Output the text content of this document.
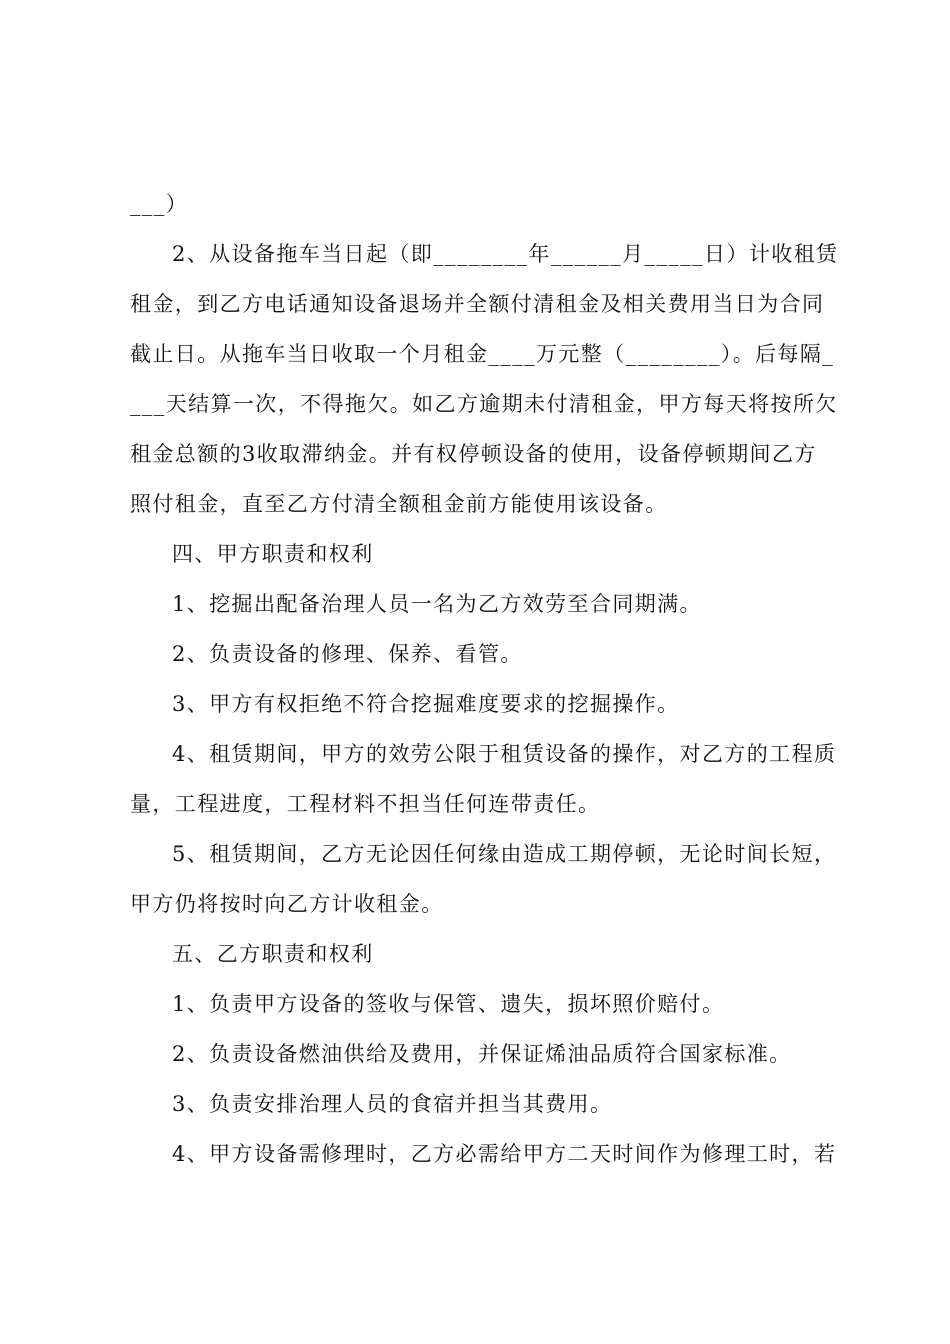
___）
2、从设备拖车当日起（即________年______月_____日）计收租赁
租金，到乙方电话通知设备退场并全额付清租金及相关费用当日为合同
截止日。从拖车当日收取一个月租金____万元整（________）。后每隔_
___天结算一次，不得拖欠。如乙方逾期未付清租金，甲方每天将按所欠
租金总额的3收取滞纳金。并有权停顿设备的使用，设备停顿期间乙方
照付租金，直至乙方付清全额租金前方能使用该设备。
四、甲方职责和权利
1、挖掘出配备治理人员一名为乙方效劳至合同期满。
2、负责设备的修理、保养、看管。
3、甲方有权拒绝不符合挖掘难度要求的挖掘操作。
4、租赁期间，甲方的效劳公限于租赁设备的操作，对乙方的工程质
量，工程进度，工程材料不担当任何连带责任。
5、租赁期间，乙方无论因任何缘由造成工期停顿，无论时间长短，
甲方仍将按时向乙方计收租金。
五、乙方职责和权利
1、负责甲方设备的签收与保管、遗失，损坏照价赔付。
2、负责设备燃油供给及费用，并保证烯油品质符合国家标准。
3、负责安排治理人员的食宿并担当其费用。
4、甲方设备需修理时，乙方必需给甲方二天时间作为修理工时，若
